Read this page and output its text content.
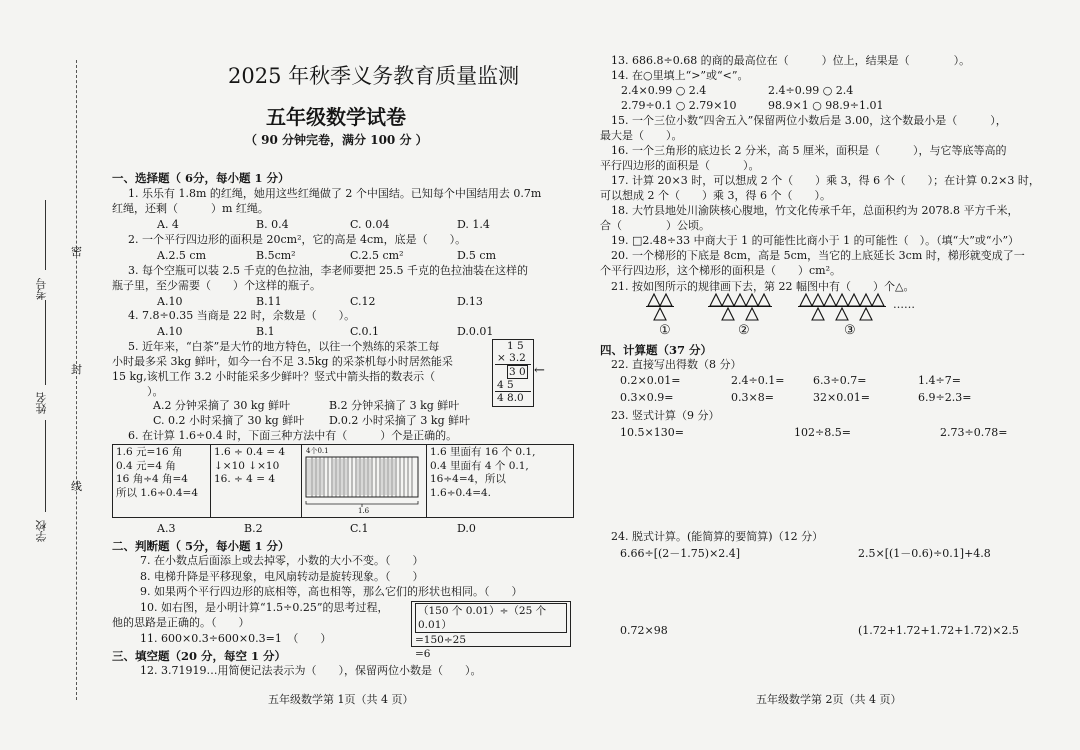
密
封
线
考号
姓名
学校
2025 年秋季义务教育质量监测
五年级数学试卷
（ 90 分钟完卷，满分 100 分 ）
一、选择题（ 6分，每小题 1 分）
1. 乐乐有 1.8m 的红绳，她用这些红绳做了 2 个中国结。已知每个中国结用去 0.7m
红绳，还剩（　　　）m 红绳。
A. 4	B. 0.4	C. 0.04	D. 1.4
2. 一个平行四边形的面积是 20cm²，它的高是 4cm，底是（　　）。
A.2.5 cm	B.5cm²	C.2.5 cm²	D.5 cm
3. 每个空瓶可以装 2.5 千克的色拉油，李老师要把 25.5 千克的色拉油装在这样的
瓶子里，至少需要（　　）个这样的瓶子。
A.10	B.11	C.12	D.13
4. 7.8÷0.35 当商是 22 时，余数是（　　）。
A.10	B.1	C.0.1	D.0.01
5. 近年来，“白茶”是大竹的地方特色，以往一个熟练的采茶工每
小时最多采 3kg 鲜叶，如今一台不足 3.5kg 的采茶机每小时居然能采
15 kg,该机工作 3.2 小时能采多少鲜叶？竖式中箭头指的数表示（
）。
1 5
× 3.2
3 0
4 5
4 8.0
←
A.2 分钟采摘了 30 kg 鲜叶	B.2 分钟采摘了 3 kg 鲜叶
C. 0.2 小时采摘了 30 kg 鲜叶 D.0.2 小时采摘了 3 kg 鲜叶
6. 在计算 1.6÷0.4 时，下面三种方法中有（　　　）个是正确的。
1.6 元=16 角
0.4 元=4 角
16 角÷4 角=4
所以 1.6÷0.4=4

1.6 ÷ 0.4 = 4
↓×10 ↓×10
16. ÷ 4 = 4

4个0.1
1.6

1.6 里面有 16 个 0.1,
0.4 里面有 4 个 0.1,
16÷4=4，所以 1.6÷0.4=4.
A.3	B.2	C.1	D.0
二、判断题（ 5分，每小题 1 分）
7. 在小数点后面添上或去掉零，小数的大小不变。（　　）
8. 电梯升降是平移现象，电风扇转动是旋转现象。（　　）
9. 如果两个平行四边形的底相等，高也相等，那么它们的形状也相同。（　　）
10. 如右图，是小明计算“1.5÷0.25”的思考过程，
他的思路是正确的。（　　）
（150 个 0.01）÷（25 个 0.01）
=150÷25
=6
11. 600×0.3÷600×0.3=1　（　　）
三、填空题（20 分，每空 1 分）
12. 3.71919…用简便记法表示为（　　），保留两位小数是（　　）。
五年级数学第 1页（共 4 页）
13. 686.8÷0.68 的商的最高位在（　　　）位上，结果是（　　　　）。
14. 在○里填上“>”或“<”。
2.4×0.99 ○ 2.4	2.4÷0.99 ○ 2.4
2.79÷0.1 ○ 2.79×10	98.9×1 ○ 98.9÷1.01
15. 一个三位小数“四舍五入”保留两位小数后是 3.00，这个数最小是（　　　），
最大是（　　）。
16. 一个三角形的底边长 2 分米，高 5 厘米，面积是（　　　），与它等底等高的
平行四边形的面积是（　　　）。
17. 计算 20×3 时，可以想成 2 个（　　）乘 3，得 6 个（　　）；在计算 0.2×3 时，
可以想成 2 个（　　）乘 3，得 6 个（　　）。
18. 大竹县地处川渝陕核心腹地，竹文化传承千年，总面积约为 2078.8 平方千米，
合（　　　　）公顷。
19. □2.48÷33 中商大于 1 的可能性比商小于 1 的可能性（　）。（填“大”或“小”）
20. 一个梯形的下底是 8cm，高是 5cm，当它的上底延长 3cm 时，梯形就变成了一
个平行四边形，这个梯形的面积是（　　）cm²。
21. 按如图所示的规律画下去，第 22 幅图中有（　　）个△。
……
①	②	③
四、计算题（37 分）
22. 直接写出得数（8 分）
0.2×0.01=	2.4÷0.1=	6.3÷0.7=	1.4÷7=
0.3×0.9=	0.3×8=	32×0.01=	6.9÷2.3=
23. 竖式计算（9 分）
10.5×130=	102÷8.5=	2.73÷0.78=
24. 脱式计算。(能简算的要简算)（12 分）
6.66÷[(2－1.75)×2.4]	2.5×[(1－0.6)÷0.1]+4.8
0.72×98	(1.72+1.72+1.72+1.72)×2.5
五年级数学第 2页（共 4 页）
